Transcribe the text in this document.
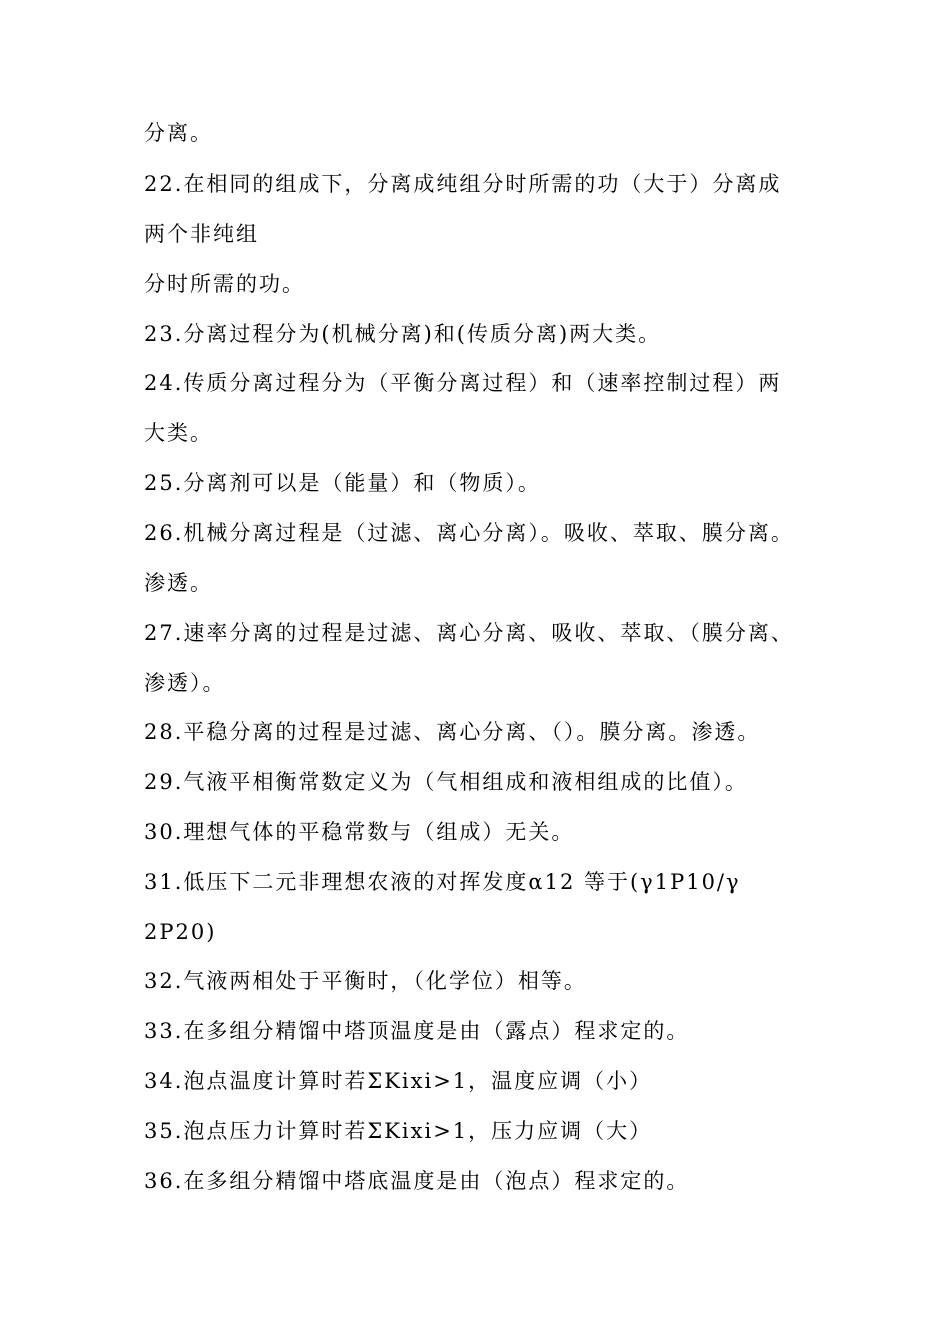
分离。

22.在相同的组成下，分离成纯组分时所需的功（大于）分离成

两个非纯组

分时所需的功。

23.分离过程分为(机械分离)和(传质分离)两大类。

24.传质分离过程分为（平衡分离过程）和（速率控制过程）两

大类。

25.分离剂可以是（能量）和（物质）。

26.机械分离过程是（过滤、离心分离）。吸收、萃取、膜分离。

渗透。

27.速率分离的过程是过滤、离心分离、吸收、萃取、（膜分离、

渗透）。

28.平稳分离的过程是过滤、离心分离、（）。膜分离。渗透。

29.气液平相衡常数定义为（气相组成和液相组成的比值）。

30.理想气体的平稳常数与（组成）无关。

31.低压下二元非理想农液的对挥发度α12 等于(γ1P10/γ

2P20)

32.气液两相处于平衡时，（化学位）相等。

33.在多组分精馏中塔顶温度是由（露点）程求定的。

34.泡点温度计算时若ΣKixi>1，温度应调（小）

35.泡点压力计算时若ΣKixi>1，压力应调（大）

36.在多组分精馏中塔底温度是由（泡点）程求定的。
